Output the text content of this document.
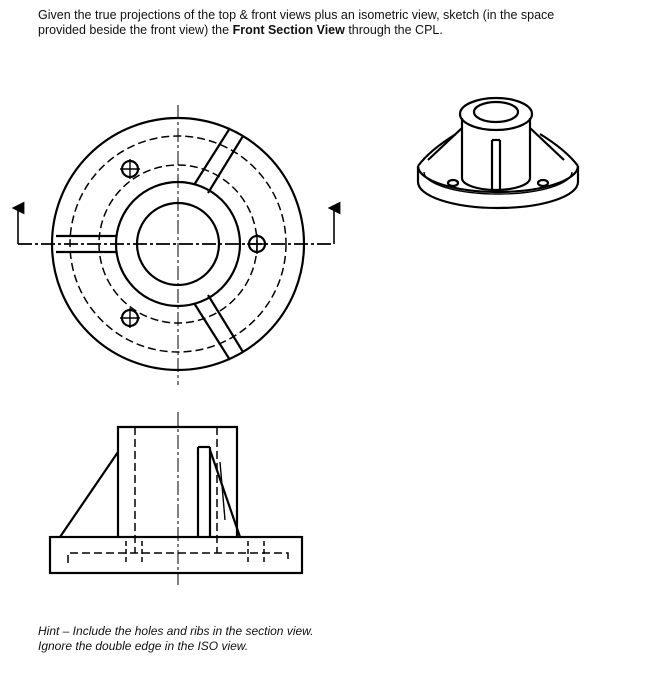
Given the true projections of the top & front views plus an isometric view, sketch (in the space provided beside the front view) the Front Section View through the CPL.
Hint – Include the holes and ribs in the section view.
Ignore the double edge in the ISO view.
